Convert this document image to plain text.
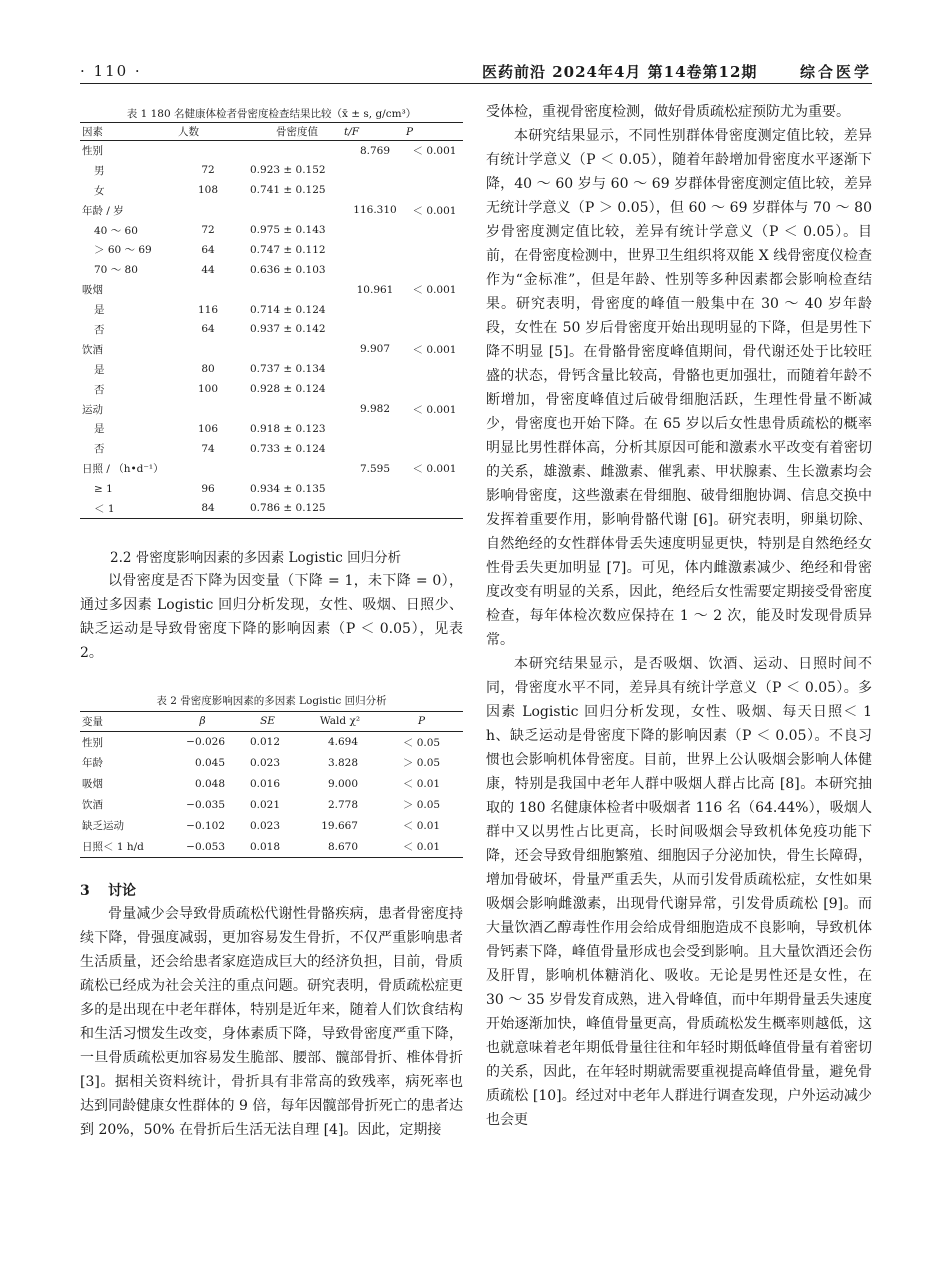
· 110 ·	医药前沿 2024年4月 第14卷第12期	综合医学
表 1 180 名健康体检者骨密度检查结果比较（x̄ ± s, g/cm³）
因素	人数	骨密度值	t/F	P
性别			8.769	＜ 0.001
男	72	0.923 ± 0.152		
女	108	0.741 ± 0.125		
年龄 / 岁			116.310	＜ 0.001
40 ～ 60	72	0.975 ± 0.143		
＞ 60 ～ 69	64	0.747 ± 0.112		
70 ～ 80	44	0.636 ± 0.103		
吸烟			10.961	＜ 0.001
是	116	0.714 ± 0.124		
否	64	0.937 ± 0.142		
饮酒			9.907	＜ 0.001
是	80	0.737 ± 0.134		
否	100	0.928 ± 0.124		
运动			9.982	＜ 0.001
是	106	0.918 ± 0.123		
否	74	0.733 ± 0.124		
日照 / （h•d⁻¹）			7.595	＜ 0.001
≥ 1	96	0.934 ± 0.135		
＜ 1	84	0.786 ± 0.125		
2.2 骨密度影响因素的多因素 Logistic 回归分析

以骨密度是否下降为因变量（下降 = 1，未下降 = 0），通过多因素 Logistic 回归分析发现，女性、吸烟、日照少、缺乏运动是导致骨密度下降的影响因素（P ＜ 0.05），见表 2。

表 2 骨密度影响因素的多因素 Logistic 回归分析
变量	β	SE	Wald χ²	P
性别	−0.026	0.012	4.694	＜ 0.05
年龄	0.045	0.023	3.828	＞ 0.05
吸烟	0.048	0.016	9.000	＜ 0.01
饮酒	−0.035	0.021	2.778	＞ 0.05
缺乏运动	−0.102	0.023	19.667	＜ 0.01
日照＜ 1 h/d	−0.053	0.018	8.670	＜ 0.01
3 讨论

骨量减少会导致骨质疏松代谢性骨骼疾病，患者骨密度持续下降，骨强度减弱，更加容易发生骨折，不仅严重影响患者生活质量，还会给患者家庭造成巨大的经济负担，目前，骨质疏松已经成为社会关注的重点问题。研究表明，骨质疏松症更多的是出现在中老年群体，特别是近年来，随着人们饮食结构和生活习惯发生改变，身体素质下降，导致骨密度严重下降，一旦骨质疏松更加容易发生脆部、腰部、髋部骨折、椎体骨折 [3]。据相关资料统计，骨折具有非常高的致残率，病死率也达到同龄健康女性群体的 9 倍，每年因髋部骨折死亡的患者达到 20%，50% 在骨折后生活无法自理 [4]。因此，定期接

受体检，重视骨密度检测，做好骨质疏松症预防尤为重要。

本研究结果显示，不同性别群体骨密度测定值比较，差异有统计学意义（P ＜ 0.05），随着年龄增加骨密度水平逐渐下降，40 ～ 60 岁与 60 ～ 69 岁群体骨密度测定值比较，差异无统计学意义（P ＞ 0.05），但 60 ～ 69 岁群体与 70 ～ 80 岁骨密度测定值比较，差异有统计学意义（P ＜ 0.05）。目前，在骨密度检测中，世界卫生组织将双能 X 线骨密度仪检查作为“金标准”，但是年龄、性别等多种因素都会影响检查结果。研究表明，骨密度的峰值一般集中在 30 ～ 40 岁年龄段，女性在 50 岁后骨密度开始出现明显的下降，但是男性下降不明显 [5]。在骨骼骨密度峰值期间，骨代谢还处于比较旺盛的状态，骨钙含量比较高，骨骼也更加强壮，而随着年龄不断增加，骨密度峰值过后破骨细胞活跃，生理性骨量不断减少，骨密度也开始下降。在 65 岁以后女性患骨质疏松的概率明显比男性群体高，分析其原因可能和激素水平改变有着密切的关系，雄激素、雌激素、催乳素、甲状腺素、生长激素均会影响骨密度，这些激素在骨细胞、破骨细胞协调、信息交换中发挥着重要作用，影响骨骼代谢 [6]。研究表明，卵巢切除、自然绝经的女性群体骨丢失速度明显更快，特别是自然绝经女性骨丢失更加明显 [7]。可见，体内雌激素减少、绝经和骨密度改变有明显的关系，因此，绝经后女性需要定期接受骨密度检查，每年体检次数应保持在 1 ～ 2 次，能及时发现骨质异常。

本研究结果显示，是否吸烟、饮酒、运动、日照时间不同，骨密度水平不同，差异具有统计学意义（P ＜ 0.05）。多因素 Logistic 回归分析发现，女性、吸烟、每天日照＜ 1 h、缺乏运动是骨密度下降的影响因素（P ＜ 0.05）。不良习惯也会影响机体骨密度。目前，世界上公认吸烟会影响人体健康，特别是我国中老年人群中吸烟人群占比高 [8]。本研究抽取的 180 名健康体检者中吸烟者 116 名（64.44%），吸烟人群中又以男性占比更高，长时间吸烟会导致机体免疫功能下降，还会导致骨细胞繁殖、细胞因子分泌加快，骨生长障碍，增加骨破坏，骨量严重丢失，从而引发骨质疏松症，女性如果吸烟会影响雌激素，出现骨代谢异常，引发骨质疏松 [9]。而大量饮酒乙醇毒性作用会给成骨细胞造成不良影响，导致机体骨钙素下降，峰值骨量形成也会受到影响。且大量饮酒还会伤及肝胃，影响机体糖消化、吸收。无论是男性还是女性，在 30 ～ 35 岁骨发育成熟，进入骨峰值，而中年期骨量丢失速度开始逐渐加快，峰值骨量更高，骨质疏松发生概率则越低，这也就意味着老年期低骨量往往和年轻时期低峰值骨量有着密切的关系，因此，在年轻时期就需要重视提高峰值骨量，避免骨质疏松 [10]。经过对中老年人群进行调查发现，户外运动减少也会更
